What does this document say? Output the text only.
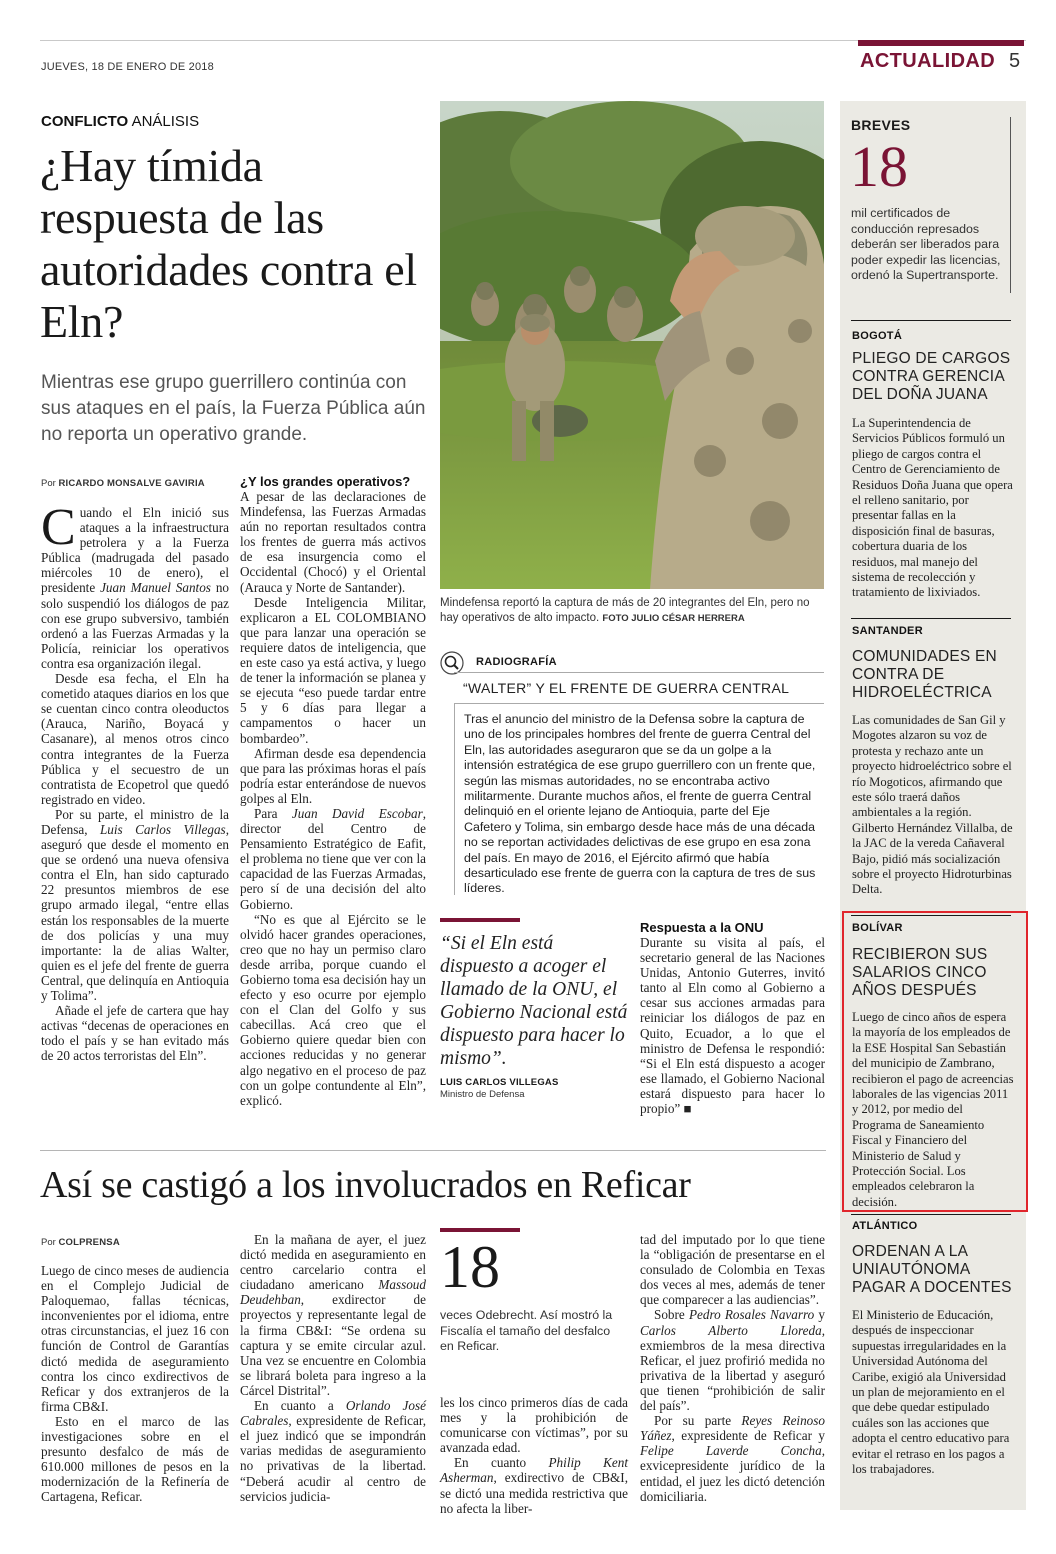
JUEVES, 18 DE ENERO DE 2018	ACTUALIDAD 5
CONFLICTO ANÁLISIS
¿Hay tímida respuesta de las autoridades contra el Eln?
Mientras ese grupo guerrillero continúa con sus ataques en el país, la Fuerza Pública aún no reporta un operativo grande.
Por RICARDO MONSALVE GAVIRIA

Cuando el Eln inició sus ataques a la infraestructura petrolera y a la Fuerza Pública (madrugada del pasado miércoles 10 de enero), el presidente Juan Manuel Santos no solo suspendió los diálogos de paz con ese grupo subversivo, también ordenó a las Fuerzas Armadas y la Policía, reiniciar los operativos contra esa organización ilegal.

Desde esa fecha, el Eln ha cometido ataques diarios en los que se cuentan cinco contra oleoductos (Arauca, Nariño, Boyacá y Casanare), al menos otros cinco contra integrantes de la Fuerza Pública y el secuestro de un contratista de Ecopetrol que quedó registrado en video.

Por su parte, el ministro de la Defensa, Luis Carlos Villegas, aseguró que desde el momento en que se ordenó una nueva ofensiva contra el Eln, han sido capturado 22 presuntos miembros de ese grupo armado ilegal, “entre ellas están los responsables de la muerte de dos policías y una muy importante: la de alias Walter, quien es el jefe del frente de guerra Central, que delinquía en Antioquia y Tolima”.

Añade el jefe de cartera que hay activas “decenas de operaciones en todo el país y se han evitado más de 20 actos terroristas del Eln”.

¿Y los grandes operativos?

A pesar de las declaraciones de Mindefensa, las Fuerzas Armadas aún no reportan resultados contra los frentes de guerra más activos de esa insurgencia como el Occidental (Chocó) y el Oriental (Arauca y Norte de Santander).

Desde Inteligencia Militar, explicaron a EL COLOMBIANO que para lanzar una operación se requiere datos de inteligencia, que en este caso ya está activa, y luego de tener la información se planea y se ejecuta “eso puede tardar entre 5 y 6 días para llegar a campamentos o hacer un bombardeo”.

Afirman desde esa dependencia que para las próximas horas el país podría estar enterándose de nuevos golpes al Eln.

Para Juan David Escobar, director del Centro de Pensamiento Estratégico de Eafit, el problema no tiene que ver con la capacidad de las Fuerzas Armadas, pero sí de una decisión del alto Gobierno.

“No es que al Ejército se le olvidó hacer grandes operaciones, creo que no hay un permiso claro desde arriba, porque cuando el Gobierno toma esa decisión hay un efecto y eso ocurre por ejemplo con el Clan del Golfo y sus cabecillas. Acá creo que el Gobierno quiere quedar bien con acciones reducidas y no generar algo negativo en el proceso de paz con un golpe contundente al Eln”, explicó.

Mindefensa reportó la captura de más de 20 integrantes del Eln, pero no hay operativos de alto impacto. FOTO JULIO CÉSAR HERRERA
RADIOGRAFÍA
“WALTER” Y EL FRENTE DE GUERRA CENTRAL
Tras el anuncio del ministro de la Defensa sobre la captura de uno de los principales hombres del frente de guerra Central del Eln, las autoridades aseguraron que se da un golpe a la intensión estratégica de ese grupo guerrillero con un frente que, según las mismas autoridades, no se encontraba activo militarmente. Durante muchos años, el frente de guerra Central delinquió en el oriente lejano de Antioquia, parte del Eje Cafetero y Tolima, sin embargo desde hace más de una década no se reportan actividades delictivas de ese grupo en esa zona del país. En mayo de 2016, el Ejército afirmó que había desarticulado ese frente de guerra con la captura de tres de sus líderes.
“Si el Eln está dispuesto a acoger el llamado de la ONU, el Gobierno Nacional está dispuesto para hacer lo mismo”.
LUIS CARLOS VILLEGAS
Ministro de Defensa
Respuesta a la ONU

Durante su visita al país, el secretario general de las Naciones Unidas, Antonio Guterres, invitó tanto al Eln como al Gobierno a cesar sus acciones armadas para reiniciar los diálogos de paz en Quito, Ecuador, a lo que el ministro de Defensa le respondió: “Si el Eln está dispuesto a acoger ese llamado, el Gobierno Nacional estará dispuesto para hacer lo propio” ■

Así se castigó a los involucrados en Reficar
Por COLPRENSA

Luego de cinco meses de audiencia en el Complejo Judicial de Paloquemao, fallas técnicas, inconvenientes por el idioma, entre otras circunstancias, el juez 16 con función de Control de Garantías dictó medida de aseguramiento contra los cinco exdirectivos de Reficar y dos extranjeros de la firma CB&I.

Esto en el marco de las investigaciones sobre en el presunto desfalco de más de 610.000 millones de pesos en la modernización de la Refinería de Cartagena, Reficar.

En la mañana de ayer, el juez dictó medida en aseguramiento en centro carcelario contra el ciudadano americano Massoud Deudehban, exdirector de proyectos y representante legal de la firma CB&I: “Se ordena su captura y se emite circular azul. Una vez se encuentre en Colombia se librará boleta para ingreso a la Cárcel Distrital”.

En cuanto a Orlando José Cabrales, expresidente de Reficar, el juez indicó que se impondrán varias medidas de aseguramiento no privativas de la libertad. “Deberá acudir al centro de servicios judicia-

18
veces Odebrecht. Así mostró la Fiscalía el tamaño del desfalco en Reficar.

les los cinco primeros días de cada mes y la prohibición de comunicarse con víctimas”, por su avanzada edad.

En cuanto Philip Kent Asherman, exdirectivo de CB&I, se dictó una medida restrictiva que no afecta la liber-

tad del imputado por lo que tiene la “obligación de presentarse en el consulado de Colombia en Texas dos veces al mes, además de tener que comparecer a las audiencias”.

Sobre Pedro Rosales Navarro y Carlos Alberto Lloreda, exmiembros de la mesa directiva Reficar, el juez profirió medida no privativa de la libertad y aseguró que tienen “prohibición de salir del país”.

Por su parte Reyes Reinoso Yáñez, expresidente de Reficar y Felipe Laverde Concha, exvicepresidente jurídico de la entidad, el juez les dictó detención domiciliaria.

BREVES
18
mil certificados de conducción represados deberán ser liberados para poder expedir las licencias, ordenó la Supertransporte.
BOGOTÁ
PLIEGO DE CARGOS CONTRA GERENCIA DEL DOÑA JUANA
La Superintendencia de Servicios Públicos formuló un pliego de cargos contra el Centro de Gerenciamiento de Residuos Doña Juana que opera el relleno sanitario, por presentar fallas en la disposición final de basuras, cobertura duaria de los residuos, mal manejo del sistema de recolección y tratamiento de lixiviados.
SANTANDER
COMUNIDADES EN CONTRA DE HIDROELÉCTRICA
Las comunidades de San Gil y Mogotes alzaron su voz de protesta y rechazo ante un proyecto hidroeléctrico sobre el río Mogoticos, afirmando que este sólo traerá daños ambientales a la región. Gilberto Hernández Villalba, de la JAC de la vereda Cañaveral Bajo, pidió más socialización sobre el proyecto Hidroturbinas Delta.
BOLÍVAR
RECIBIERON SUS SALARIOS CINCO AÑOS DESPUÉS
Luego de cinco años de espera la mayoría de los empleados de la ESE Hospital San Sebastián del municipio de Zambrano, recibieron el pago de acreencias laborales de las vigencias 2011 y 2012, por medio del Programa de Saneamiento Fiscal y Financiero del Ministerio de Salud y Protección Social. Los empleados celebraron la decisión.
ATLÁNTICO
ORDENAN A LA UNIAUTÓNOMA PAGAR A DOCENTES
El Ministerio de Educación, después de inspeccionar supuestas irregularidades en la Universidad Autónoma del Caribe, exigió ala Universidad un plan de mejoramiento en el que debe quedar estipulado cuáles son las acciones que adopta el centro educativo para evitar el retraso en los pagos a los trabajadores.
